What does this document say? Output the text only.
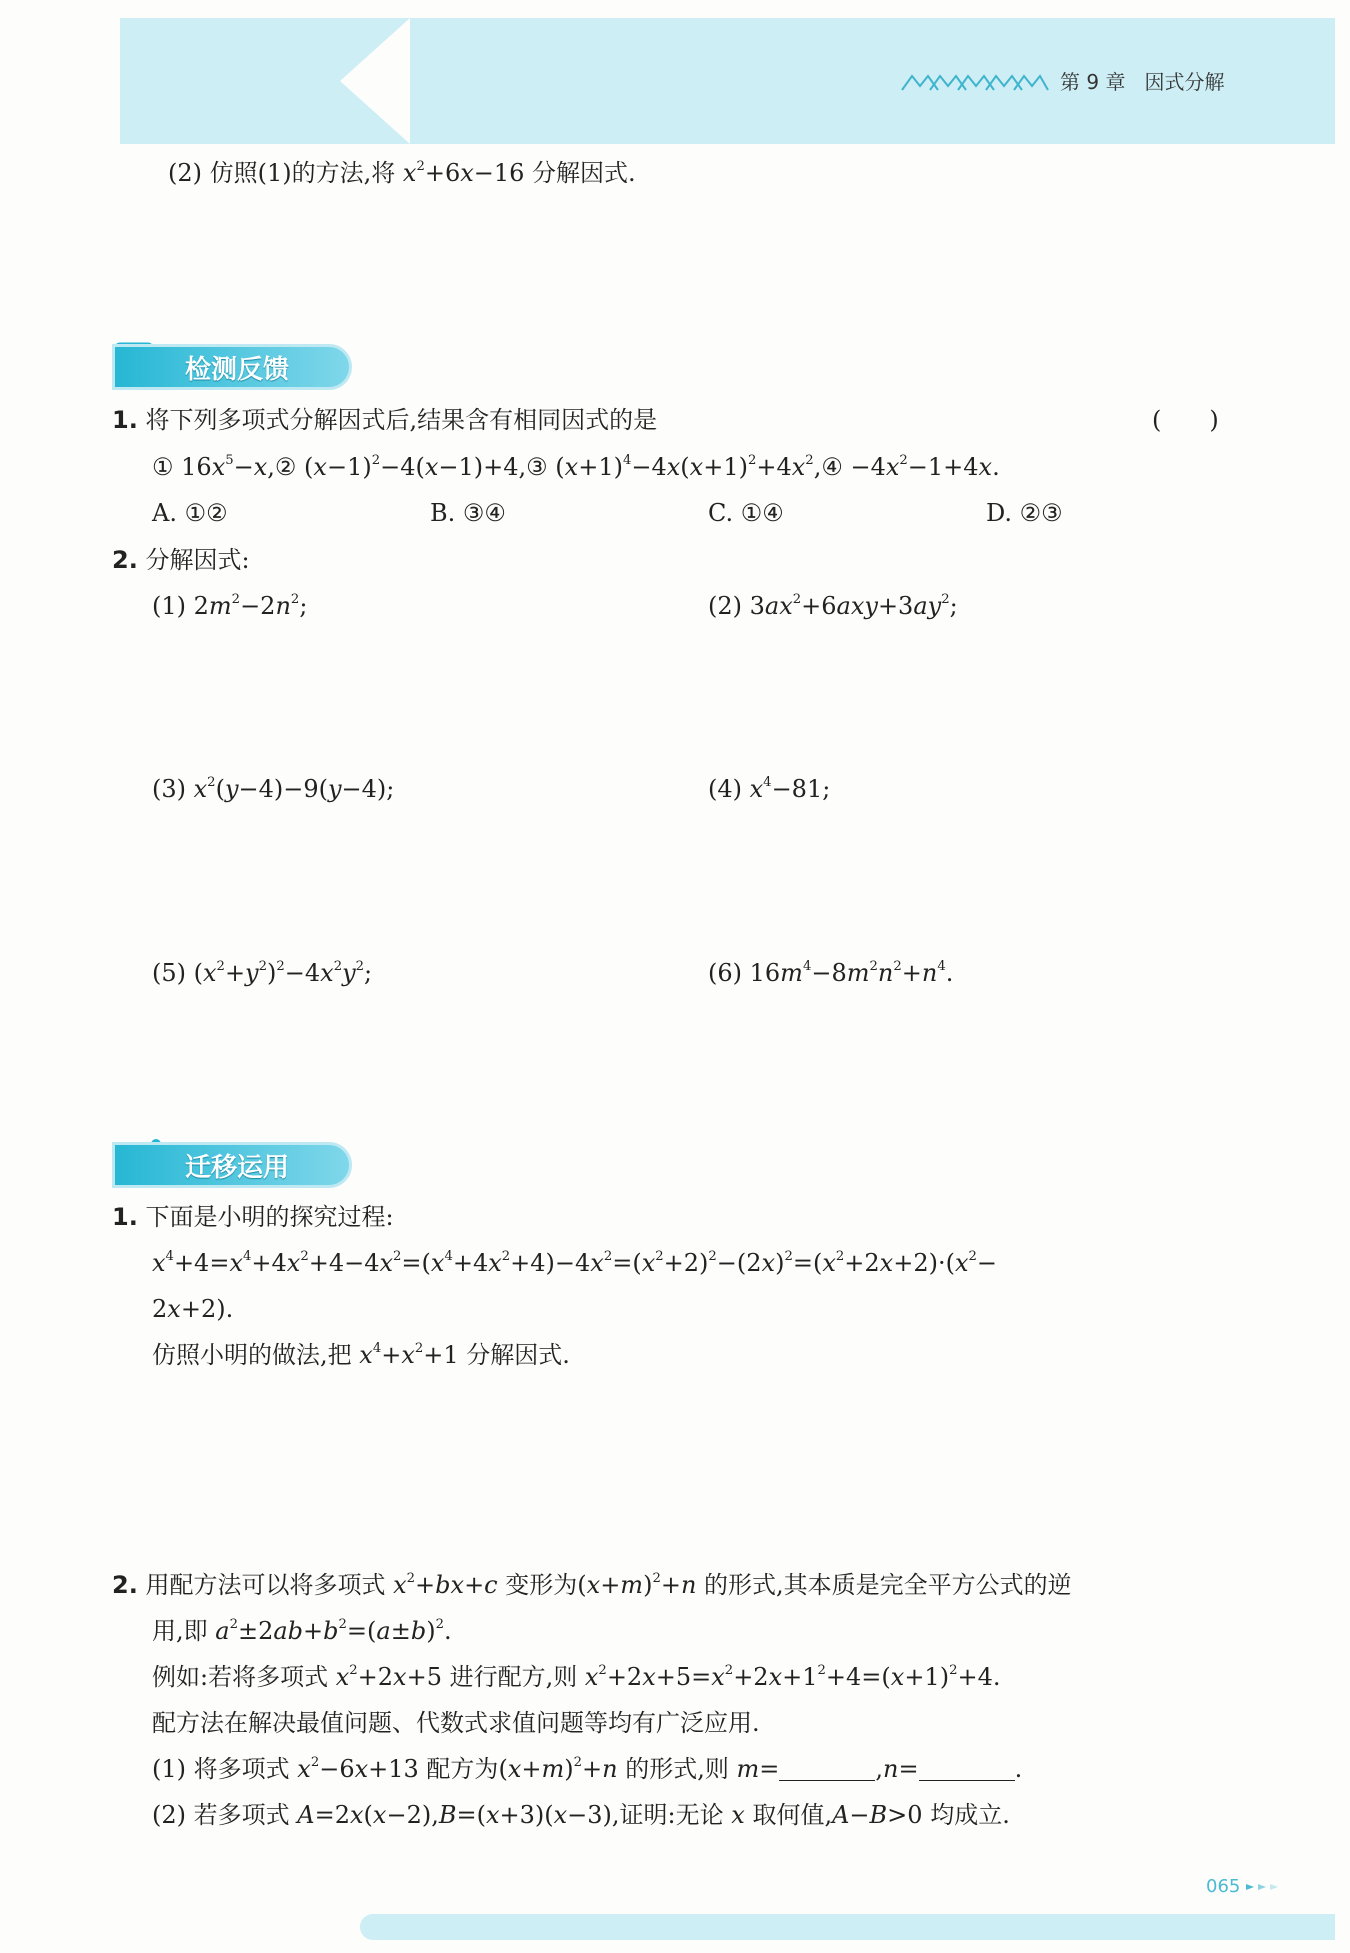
第 9 章 因式分解
(2) 仿照(1)的方法,将 $x^2+6x-16$ 分解因式.
检测反馈
1. 将下列多项式分解因式后,结果含有相同因式的是	(　　)
① $16x^5-x,②$ $(x-1)^2-4(x-1)+4,③$ $(x+1)^4-4x(x+1)^2+4x^2,④ -4x^2-1+4x$.
A. ①②	B. ③④	C. ①④	D. ②③
2. 分解因式:
(1) $2m^2-2n^2$;	(2) $3ax^2+6axy+3ay^2$;
(3) $x^2(y-4)-9(y-4)$;	(4) $x^4-81$;
(5) $(x^2+y^2)^2-4x^2y^2$;	(6) $16m^4-8m^2n^2+n^4$.
迁移运用
1. 下面是小明的探究过程:
$x^4+4=x^4+4x^2+4-4x^2=(x^4+4x^2+4)-4x^2=(x^2+2)^2-(2x)^2=(x^2+2x+2)\cdot(x^2-$
2x+2).
仿照小明的做法,把 $x^4+x^2+1$ 分解因式.
2. 用配方法可以将多项式 $x^2+bx+c$ 变形为$(x+m)^2+n$ 的形式,其本质是完全平方公式的逆
用,即 $a^2\pm 2ab+b^2=(a\pm b)^2$.
例如:若将多项式 $x^2+2x+5$ 进行配方,则 $x^2+2x+5=x^2+2x+1^2+4=(x+1)^2+4$.
配方法在解决最值问题、代数式求值问题等均有广泛应用.
(1) 将多项式 $x^2-6x+13$ 配方为$(x+m)^2+n$ 的形式,则 m=	,n=	.
(2) 若多项式 A=2x(x−2),B=(x+3)(x−3),证明:无论 x 取何值,A−B>0 均成立.
065
